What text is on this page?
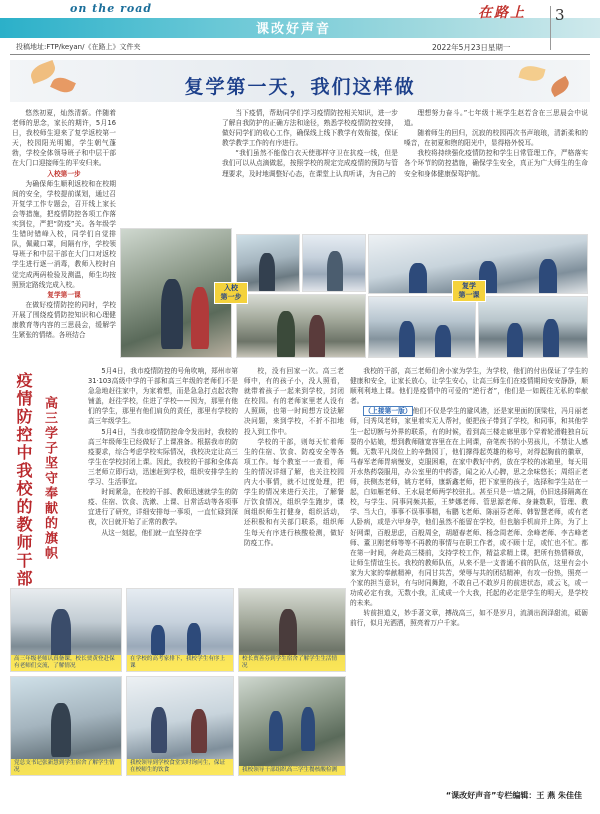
on the road
课改好声音
在路上 3
投稿地址:FTP/keyan/《在路上》文件夹	2022年5月23日星期一
复学第一天，我们这样做

悠然初夏，灿然清新。伴随着老师的思念，家长的期许，5月16日，我校师生迎来了复学返校第一天，校园阳光明媚，学生朝气蓬勃，学校全体领导班子和中层干部在大门口迎接师生的平安归来。

入校第一步

为确保师生顺利返校和在校期间的安全，学校提前谋划，通过召开复学工作专题会，召开线上家长会等措施，把疫情防控各项工作落实到位，严把“防疫”关。各年级学生错时错峰入校，同学们自觉排队，佩戴口罩，间隔有序，学校领导班子和中层干部在大门口对返校学生进行逐一消毒，教师入校时自觉完成两码检验及测温，师生均按照预定路线完成入校。

复学第一课

在做好疫情防控的同时，学校开展了围绕疫情防控知识和心理健康教育等内容的三思晨会，缓解学生紧张的情绪。各班结合

当下疫情，帮助同学们学习疫情防控相关知识，进一步了解自我防护的正确方法和途径，熟悉学校疫情防控安排，做好同学们的收心工作，确保线上线下教学有效衔接，保证教学教学工作的有序进行。

“我们虽然不能像白衣天使那样守卫在抗疫一线，但是我们可以从点滴做起，按照学校的规定完成疫情的预防与管理要求，及时地调整好心态，在课堂上认真听讲，为自己的

理想努力奋斗。”七年级十班学生赵若含在三思晨会中说道。

随着师生的回归，沉寂的校园再次书声琅琅，清新柔和的嗓音，在初夏和煦的阳光中，显得格外悦耳。

我校将持续强化疫情防控和学生日常管理工作，严格落实各个环节的防控措施，确保学生安全，真正为广大师生的生命安全和身体健康保驾护航。

入校
第一步
复学
第一课
疫情防控中我校的教师干部 高三学子坚守奉献的旗帜

5月4日，我市疫情防控的号角吹响，郑州市第31·103高级中学的干部和高三年级的老师们不是急急地赶往家中，为家着想，而是急急打点起衣物铺盖，赶往学校，住进了学校——因为，那里有他们的学生，那里有他们肩负的责任，那里有学校的高三年级学生。

5月4日，当我市疫情防控命令发出时，我校的高三年级师生已经做好了上课准备。根据我市的防疫要求，综合考虑学校实际情况，我校决定让高三学生在学校封闭上课。因此，我校的干部和全体高三老师立即行动，迅速赶到学校，组织安排学生的学习、生活事宜。

时间紧急，在校的干部、教师迅速就学生的防疫、住宿、饮食、洗漱、上课、日常活动等各项事宜进行了研究，详细安排每一事项，一直忙碌到深夜，次日就开始了正常的教学。

从这一刻起，他们就一直坚持在学

校，没有回家一次。高三老师中，有的孩子小，没人照看，就带着孩子一起来到学校，封闭在校园。有的老师家里老人没有人照顾，也第一时间想方设法解决问题，来到学校，不折不扣地投入到工作中。

学校的干部，则每天忙着师生的住宿、饮食、防疫安全等各项工作。每个教室一一查看，师生的情况详细了解，也关注校园内大小事情，就不过度处理，把学生的情况来进行关注，了解餐厅饮食情况，组织学生跑步，课间组织师生打健身，组织活动，还积极和有关部门联系，组织师生每天有序进行核酸检测，做好防疫工作。

我校的干部，高三老师们舍小家为学生，为学校，他们的付出保证了学生的健康和安全，让家长放心，让学生安心，让高三师生们在疫情期间安安静静，顺顺利利地上课。他们是疫情中的可爱的“逆行者”，他们是一如既往无私的奉献者。

（上接第一版）他们不仅是学生的避风港，还是家里面的顶梁柱，冯月丽老师，闫秀凤老师，家里着实无人帮衬，便把孩子带到了学校，和同事，和其他学生一起切断与外界的联系，有的时候，看到高三楼走廊里那个穿着轮滑鞋独自玩耍的小姑娘，想到教师随宽容里在在上网课，奋笔疾书的小男孩儿，不禁让人感慨。无数平凡岗位上的辛勤园丁，他们撑得起英雄的称号，对得起胸前的徽章，马春军老师胃病慢发，克服困难，在家中教好中药，放在学校的冰箱里，每天用开水热药袋服用，办公室里的中药香，闻之沁人心脾，思之余味悠长；周绍正老师，扶侧杰老师，姚方老师，康新鑫老师，把下家里的孩子，选择和学生站在一起，白如雁老师、王水晨老师两学校驻扎。甚至只是一墙之隔，仍旧选择隔离在校，与学生、同事同频共振，王梦娜老师、管思源老师、身兼数职，管理、教学、当大白，事事不误事事精，布鹏飞老师、陈丽芬老师、韩智慧老师，或有老人卧病，或是六甲身孕，他们虽然不能留在学校，但也脑手机肩并上阵，为了上好网课，百般思虑，百般周全，胡超春老师、杨念周老师、余峰老师、李古峰老师、董卫刚老师等等不再教的事情与在职工作者，或不顾十足，或忙也不忙。都在第一时间，奔赴高三楼前，支持学校工作，精益求精上课，把所有热情释放，让师生情谊生长。我校的教师队伍，从来不是一支普通不前的队伍，这里有会小家为大家的奉献精神，有同甘共苦，荣辱与共的团结精神，有攻一份热，照亮一个家的担当意识，有与时同舞跑，不敢自己不敢岁月的前进状态，或云飞，或一功成必定有我，无数小我，汇成成一个大我，托起的必定是学生的明天，是学校的未来。

转前担道义，妙手著文章，搏战高三，如不是岁月，流淌出润泽甜流，砥砺前行，似月光洒洒，照亮着万户千家。

高三年级老师认真备课，校长贾黄登赴保有老师们交流，了解情况
在学校的高考家排下，我校学生有序上课
校长贾善芬到学生宿舍了解学生生活情况
党总支书记张新慧到学生宿舍了解学生情况
我校领导到学校食堂实时询问生，保证在校师生的饮食	我校领导干部组织高三学生餐核酸检测
“课改好声音”专栏编辑：王 燕 朱佳佳
